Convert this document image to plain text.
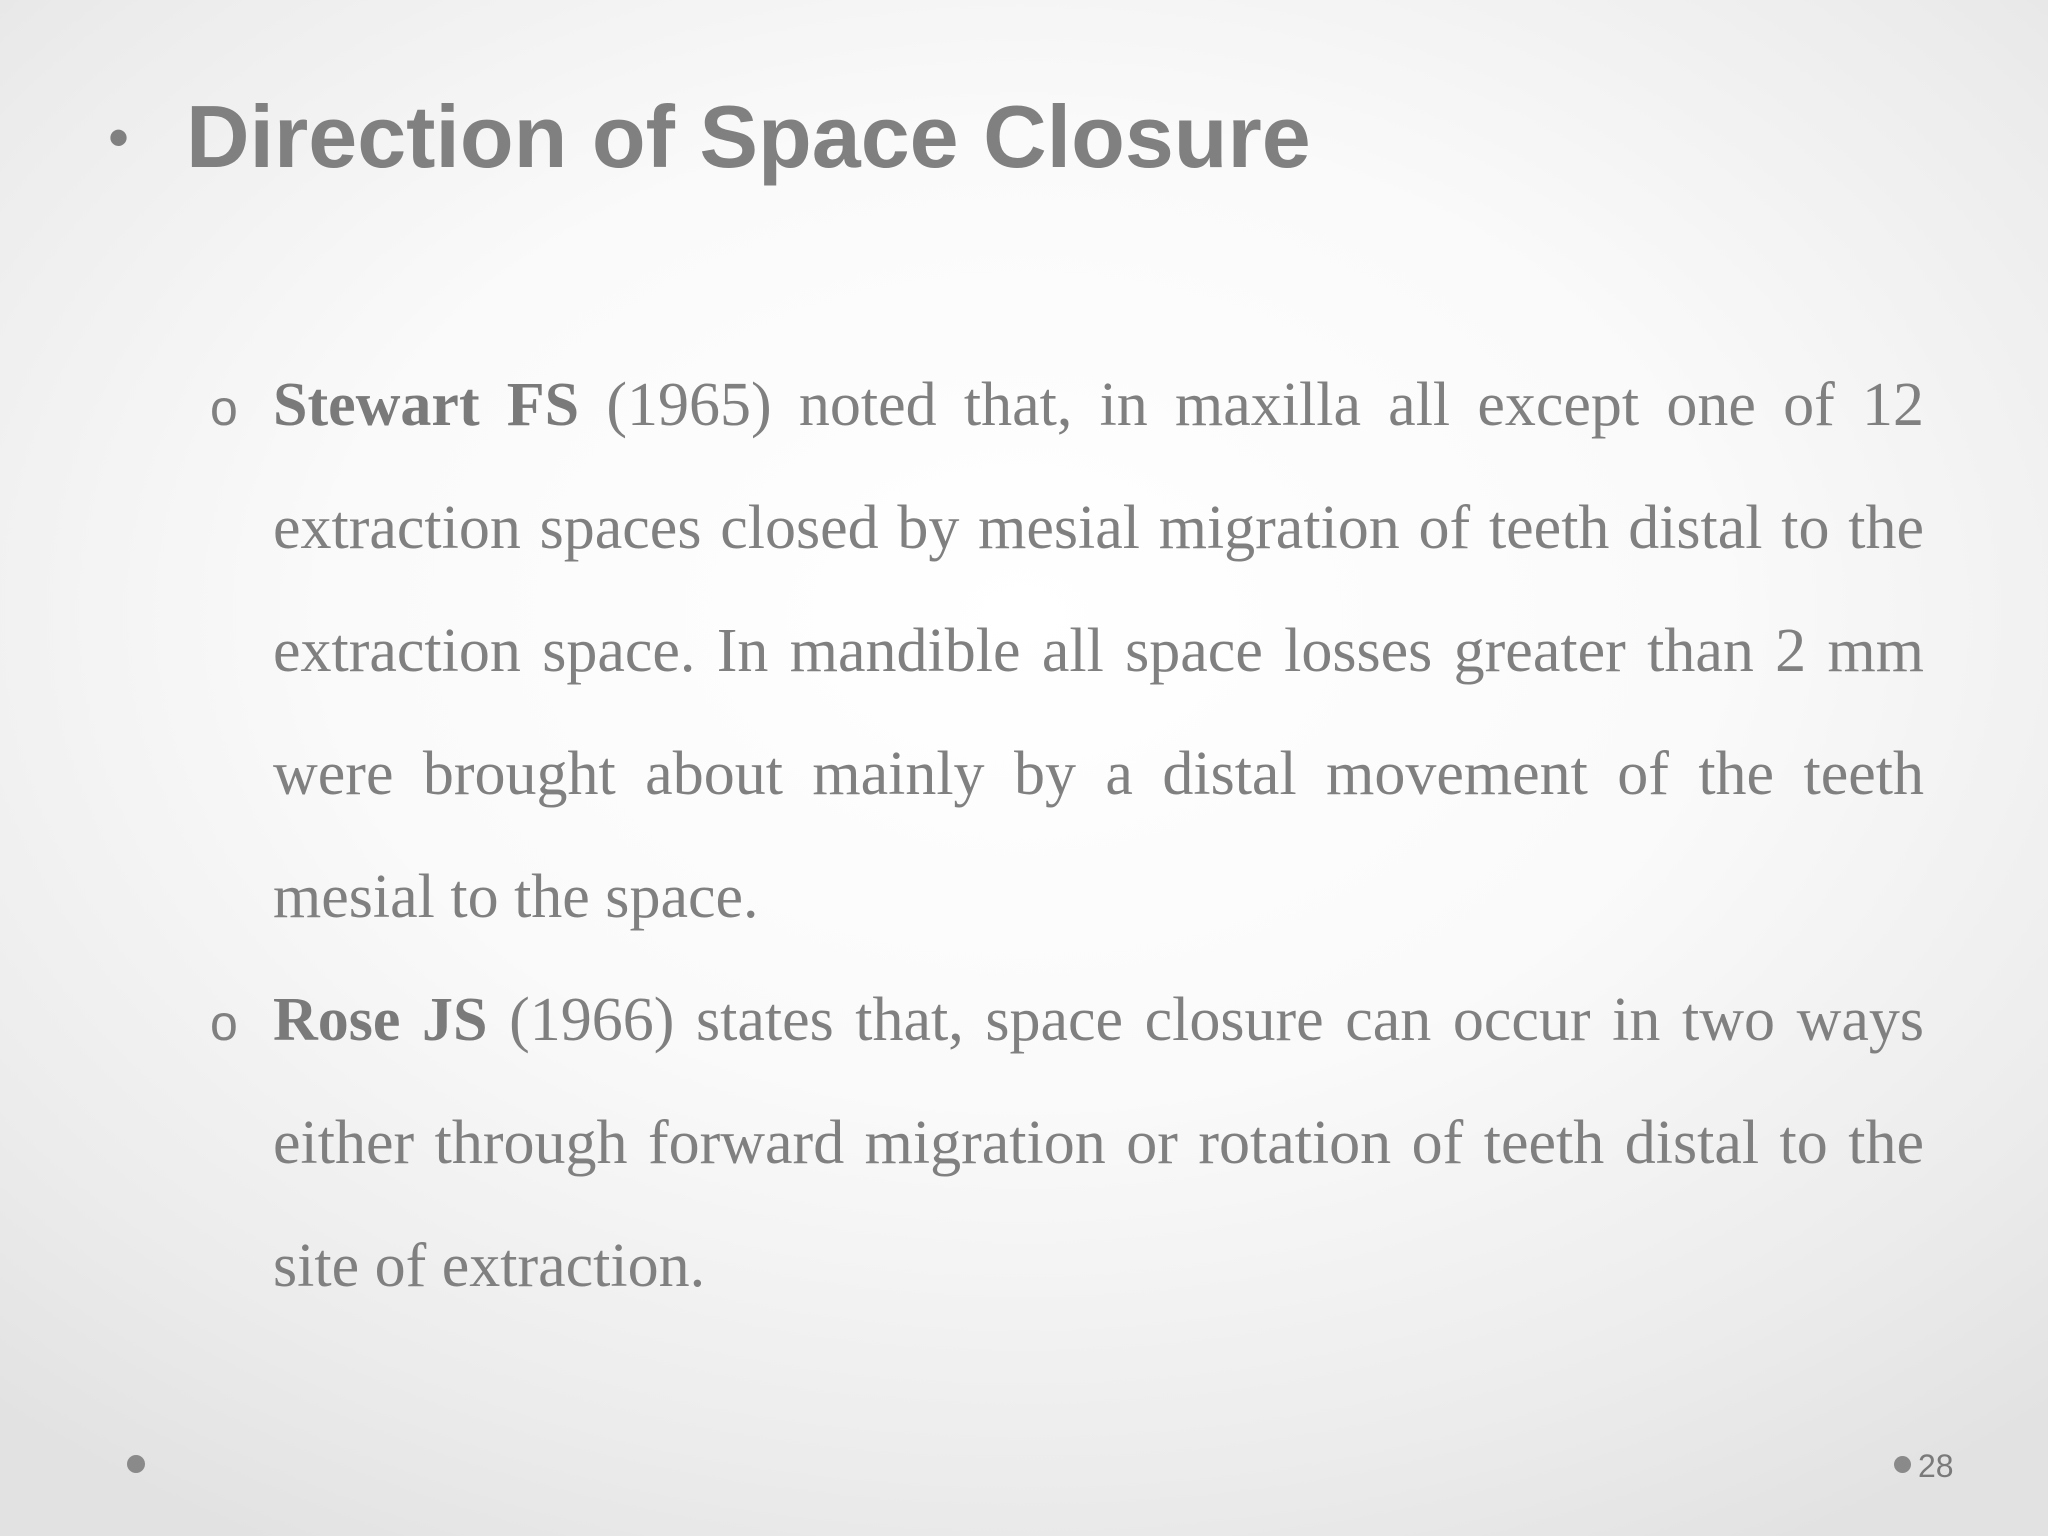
• Direction of Space Closure
o Stewart FS (1965) noted that, in maxilla all except one of 12 extraction spaces closed by mesial migration of teeth distal to the extraction space. In mandible all space losses greater than 2 mm were brought about mainly by a distal movement of the teeth mesial to the space.
o Rose JS (1966) states that, space closure can occur in two ways either through forward migration or rotation of teeth distal to the site of extraction.
28
